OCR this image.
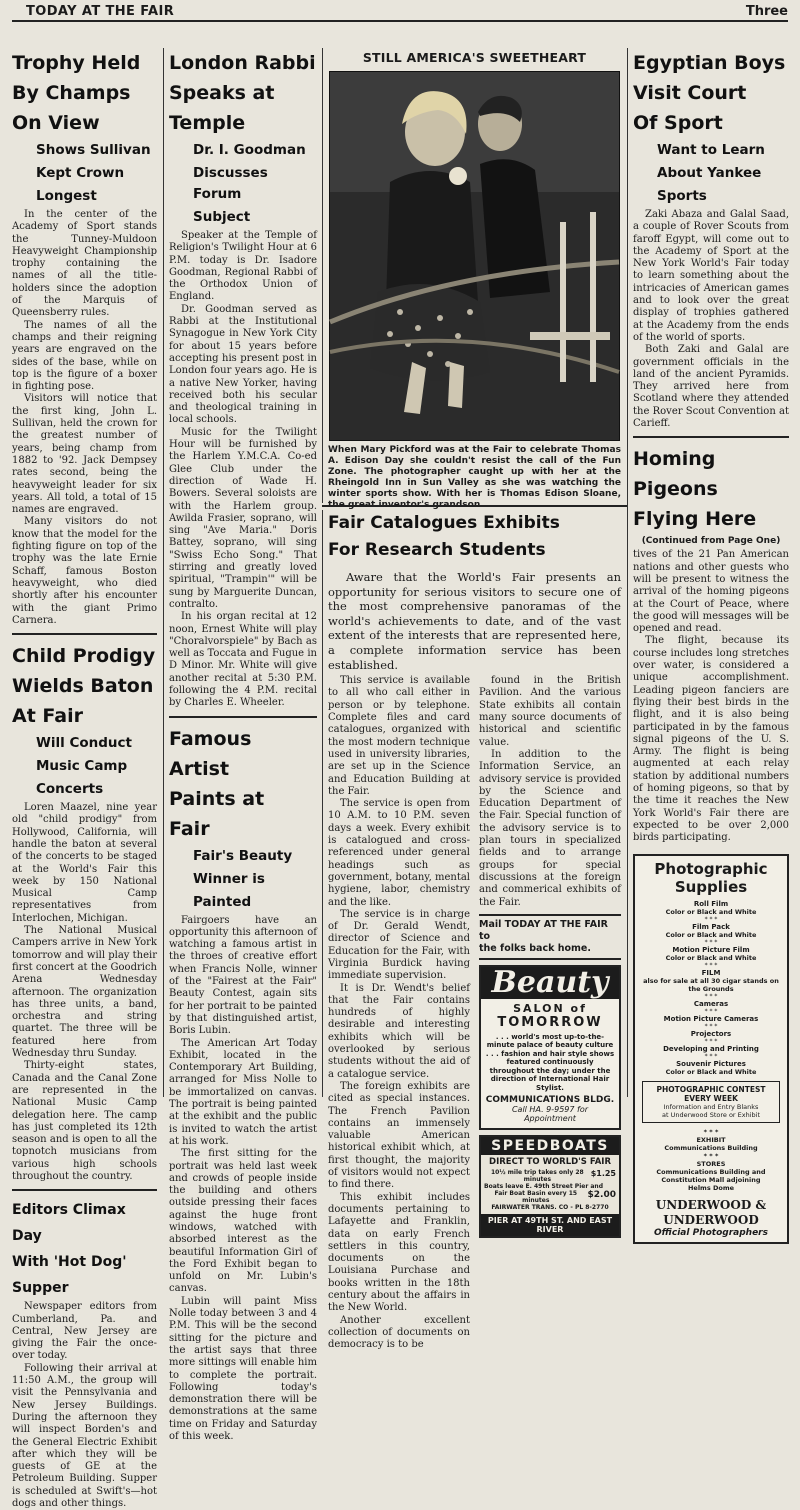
TODAY AT THE FAIR	Three
Trophy Held
By Champs
On View
Shows Sullivan
Kept Crown
Longest

In the center of the Academy of Sport stands the Tunney-Muldoon Heavyweight Championship trophy containing the names of all the title-holders since the adoption of the Marquis of Queensberry rules.

The names of all the champs and their reigning years are engraved on the sides of the base, while on top is the figure of a boxer in fighting pose.

Visitors will notice that the first king, John L. Sullivan, held the crown for the greatest number of years, being champ from 1882 to '92. Jack Dempsey rates second, being the heavyweight leader for six years. All told, a total of 15 names are engraved.

Many visitors do not know that the model for the fighting figure on top of the trophy was the late Ernie Schaff, famous Boston heavyweight, who died shortly after his encounter with the giant Primo Carnera.

Child Prodigy
Wields Baton
At Fair
Will Conduct
Music Camp
Concerts

Loren Maazel, nine year old "child prodigy" from Hollywood, California, will handle the baton at several of the concerts to be staged at the World's Fair this week by 150 National Musical Camp representatives from Interlochen, Michigan.

The National Musical Campers arrive in New York tomorrow and will play their first concert at the Goodrich Arena Wednesday afternoon. The organization has three units, a band, orchestra and string quartet. The three will be featured here from Wednesday thru Sunday.

Thirty-eight states, Canada and the Canal Zone are represented in the National Music Camp delegation here. The camp has just completed its 12th season and is open to all the topnotch musicians from various high schools throughout the country.

Editors Climax Day
With 'Hot Dog' Supper

Newspaper editors from Cumberland, Pa. and Central, New Jersey are giving the Fair the once-over today.

Following their arrival at 11:50 A.M., the group will visit the Pennsylvania and New Jersey Buildings. During the afternoon they will inspect Borden's and the General Electric Exhibit after which they will be guests of GE at the Petroleum Building. Supper is scheduled at Swift's—hot dogs and other things.

London Rabbi
Speaks at
Temple
Dr. I. Goodman
Discusses Forum
Subject

Speaker at the Temple of Religion's Twilight Hour at 6 P.M. today is Dr. Isadore Goodman, Regional Rabbi of the Orthodox Union of England.

Dr. Goodman served as Rabbi at the Institutional Synagogue in New York City for about 15 years before accepting his present post in London four years ago. He is a native New Yorker, having received both his secular and theological training in local schools.

Music for the Twilight Hour will be furnished by the Harlem Y.M.C.A. Co-ed Glee Club under the direction of Wade H. Bowers. Several soloists are with the Harlem group. Awilda Frasier, soprano, will sing "Ave Maria." Doris Battey, soprano, will sing "Swiss Echo Song." That stirring and greatly loved spiritual, "Trampin'" will be sung by Marguerite Duncan, contralto.

In his organ recital at 12 noon, Ernest White will play "Choralvorspiele" by Bach as well as Toccata and Fugue in D Minor. Mr. White will give another recital at 5:30 P.M. following the 4 P.M. recital by Charles E. Wheeler.

Famous Artist
Paints at
Fair
Fair's Beauty
Winner is
Painted

Fairgoers have an opportunity this afternoon of watching a famous artist in the throes of creative effort when Francis Nolle, winner of the "Fairest at the Fair" Beauty Contest, again sits for her portrait to be painted by that distinguished artist, Boris Lubin.

The American Art Today Exhibit, located in the Contemporary Art Building, arranged for Miss Nolle to be immortalized on canvas. The portrait is being painted at the exhibit and the public is invited to watch the artist at his work.

The first sitting for the portrait was held last week and crowds of people inside the building and others outside pressing their faces against the huge front windows, watched with absorbed interest as the beautiful Information Girl of the Ford Exhibit began to unfold on Mr. Lubin's canvas.

Lubin will paint Miss Nolle today between 3 and 4 P.M. This will be the second sitting for the picture and the artist says that three more sittings will enable him to complete the portrait. Following today's demonstration there will be demonstrations at the same time on Friday and Saturday of this week.

STILL AMERICA'S SWEETHEART
When Mary Pickford was at the Fair to celebrate Thomas A. Edison Day she couldn't resist the call of the Fun Zone. The photographer caught up with her at the Rheingold Inn in Sun Valley as she was watching the winter sports show. With her is Thomas Edison Sloane,
Fair Catalogues Exhibits
For Research Students

Aware that the World's Fair presents an opportunity for serious visitors to secure one of the most comprehensive panoramas of the world's achievements to date, and of the vast extent of the interests that are represented here, a complete information service has been established.

This service is available to all who call either in person or by telephone. Complete files and card catalogues, organized with the most modern technique used in university libraries, are set up in the Science and Education Building at the Fair.

The service is open from 10 A.M. to 10 P.M. seven days a week. Every exhibit is catalogued and cross-referenced under general headings such as government, botany, mental hygiene, labor, chemistry and the like.

The service is in charge of Dr. Gerald Wendt, director of Science and Education for the Fair, with Virginia Burdick having immediate supervision.

It is Dr. Wendt's belief that the Fair contains hundreds of highly desirable and interesting exhibits which will be overlooked by serious students without the aid of a catalogue service.

The foreign exhibits are cited as special instances. The French Pavilion contains an immensely valuable American historical exhibit which, at first thought, the majority of visitors would not expect to find there.

This exhibit includes documents pertaining to Lafayette and Franklin, data on early French settlers in this country, documents on the Louisiana Purchase and books written in the 18th century about the affairs in the New World.

Another excellent collection of documents on democracy is to be

found in the British Pavilion. And the various State exhibits all contain many source documents of historical and scientific value.

In addition to the Information Service, an advisory service is provided by the Science and Education Department of the Fair. Special function of the advisory service is to plan tours in specialized fields and to arrange groups for special discussions at the foreign and commerical exhibits of the Fair.

Mail TODAY AT THE FAIR to
the folks back home.
Beauty
SALON of
TOMORROW
. . . world's most up-to-the-minute palace of beauty culture . . . fashion and hair style shows featured continuously throughout the day; under the direction of International Hair Stylist.
COMMUNICATIONS BLDG.
Call HA. 9-9597 for Appointment
SPEEDBOATS
DIRECT TO WORLD'S FAIR
10½ mile trip takes only 28 minutes
$1.25
Boats leave E. 49th Street Pier and
Fair Boat Basin every 15 minutes
$2.00
FAIRWATER TRANS. CO - PL 8-2770
PIER AT 49TH ST. AND EAST RIVER
Egyptian Boys
Visit Court
Of Sport
Want to Learn
About Yankee
Sports

Zaki Abaza and Galal Saad, a couple of Rover Scouts from faroff Egypt, will come out to the Academy of Sport at the New York World's Fair today to learn something about the intricacies of American games and to look over the great display of trophies gathered at the Academy from the ends of the world of sports.

Both Zaki and Galal are government officials in the land of the ancient Pyramids. They arrived here from Scotland where they attended the Rover Scout Convention at Carieff.

Homing Pigeons
Flying Here
(Continued from Page One)

tives of the 21 Pan American nations and other guests who will be present to witness the arrival of the homing pigeons at the Court of Peace, where the good will messages will be opened and read.

The flight, because its course includes long stretches over water, is considered a unique accomplishment. Leading pigeon fanciers are flying their best birds in the flight, and it is also being participated in by the famous signal pigeons of the U. S. Army. The flight is being augmented at each relay station by additional numbers of homing pigeons, so that by the time it reaches the New York World's Fair there are expected to be over 2,000 birds participating.

Photographic
Supplies
Roll Film
Color or Black and White
* * *
Film Pack
Color or Black and White
* * *
Motion Picture Film
Color or Black and White
* * *
FILM
also for sale at all 30 cigar stands on the Grounds
* * *
Cameras
* * *
Motion Picture Cameras
* * *
Projectors
* * *
Developing and Printing
* * *
Souvenir Pictures
Color or Black and White
PHOTOGRAPHIC CONTEST
EVERY WEEK
Information and Entry Blanks
at Underwood Store or Exhibit
* * *
EXHIBIT
Communications Building
* * *
STORES
Communications Building and
Constitution Mall adjoining
Helms Dome
UNDERWOOD &
UNDERWOOD
Official Photographers
